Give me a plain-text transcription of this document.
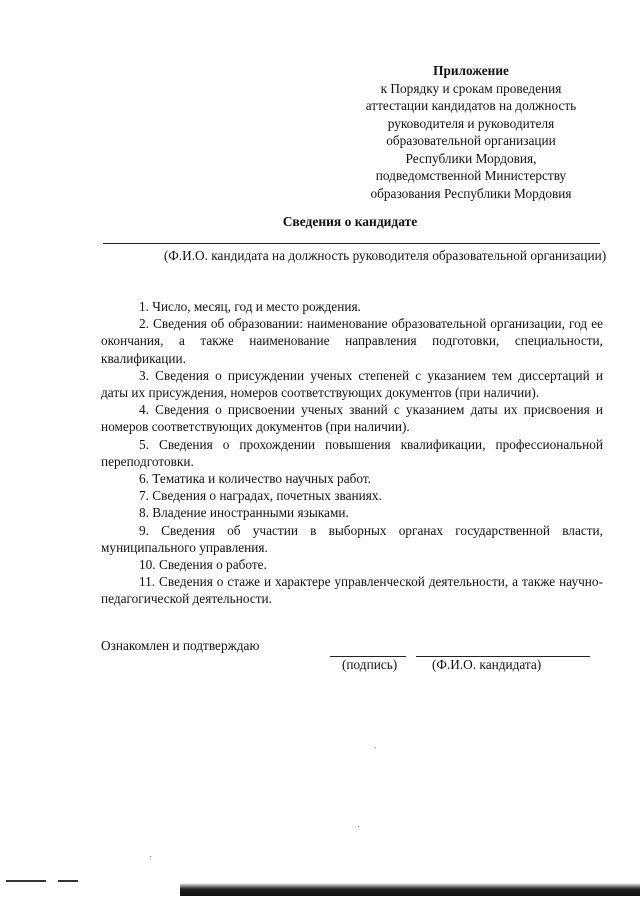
Приложение
к Порядку и срокам проведения
аттестации кандидатов на должность
руководителя и руководителя
образовательной организации
Республики Мордовия,
подведомственной Министерству
образования Республики Мордовия
Сведения о кандидате
(Ф.И.О. кандидата на должность руководителя образовательной организации)

1. Число, месяц, год и место рождения.

2. Сведения об образовании: наименование образовательной организации, год ее окончания, а также наименование направления подготовки, специальности, квалификации.

3. Сведения о присуждении ученых степеней с указанием тем диссертаций и даты их присуждения, номеров соответствующих документов (при наличии).

4. Сведения о присвоении ученых званий с указанием даты их присвоения и номеров соответствующих документов (при наличии).

5. Сведения о прохождении повышения квалификации, профессиональной переподготовки.

6. Тематика и количество научных работ.

7. Сведения о наградах, почетных званиях.

8. Владение иностранными языками.

9. Сведения об участии в выборных органах государственной власти, муниципального управления.

10. Сведения о работе.

11. Сведения о стаже и характере управленческой деятельности, а также научно-педагогической деятельности.

Ознакомлен и подтверждаю
(подпись)	(Ф.И.О. кандидата)
